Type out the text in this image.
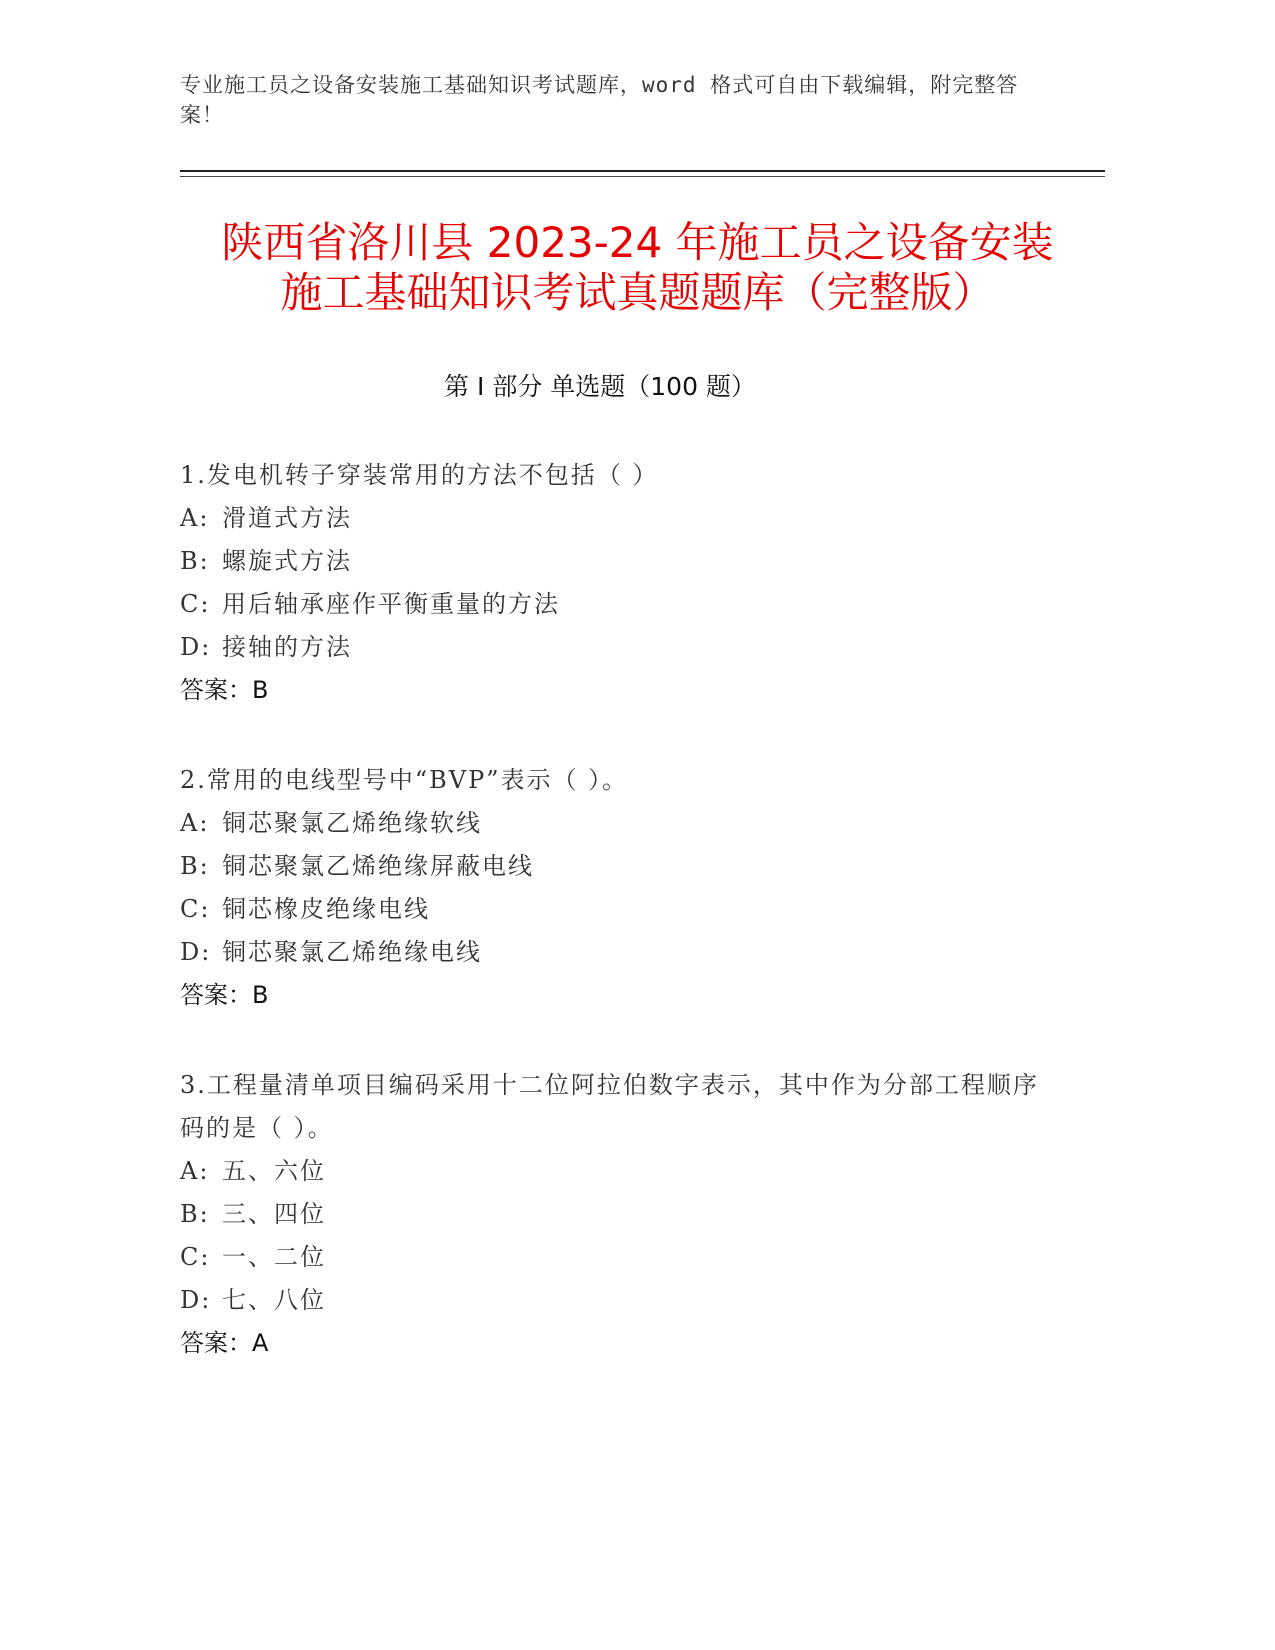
专业施工员之设备安装施工基础知识考试题库，word 格式可自由下载编辑，附完整答案！
陕西省洛川县 2023-24 年施工员之设备安装
施工基础知识考试真题题库（完整版）
第 I 部分 单选题（100 题）
1.发电机转子穿装常用的方法不包括（ ）
A: 滑道式方法
B: 螺旋式方法
C: 用后轴承座作平衡重量的方法
D: 接轴的方法
答案：B
2.常用的电线型号中“BVP”表示（ ）。
A: 铜芯聚氯乙烯绝缘软线
B: 铜芯聚氯乙烯绝缘屏蔽电线
C: 铜芯橡皮绝缘电线
D: 铜芯聚氯乙烯绝缘电线
答案：B
3.工程量清单项目编码采用十二位阿拉伯数字表示，其中作为分部工程顺序码的是（ ）。
A: 五、六位
B: 三、四位
C: 一、二位
D: 七、八位
答案：A
